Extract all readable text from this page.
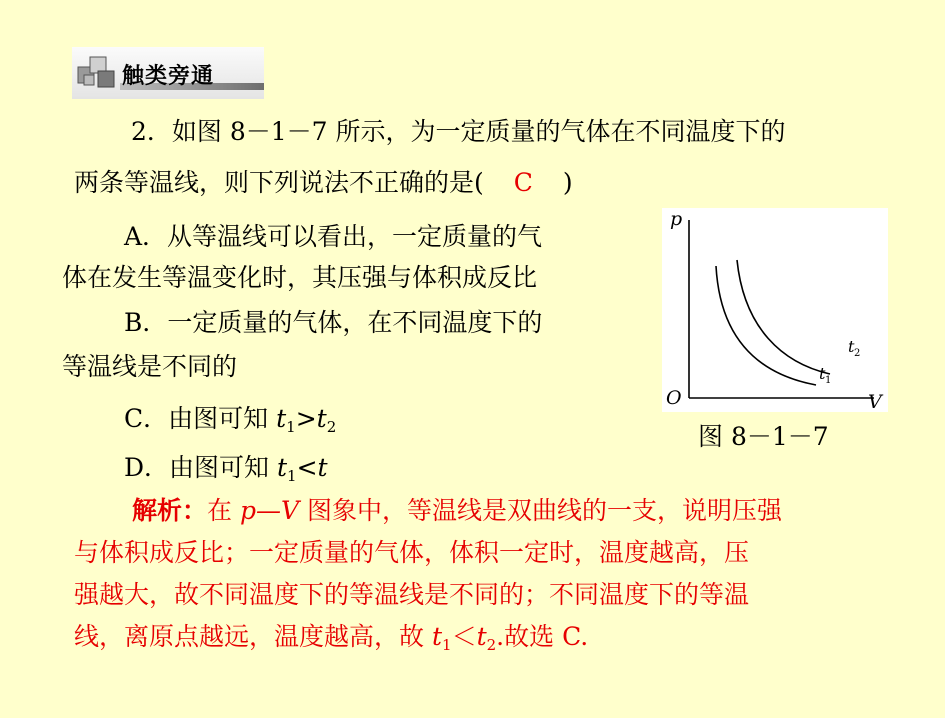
触类旁通
2．如图 8－1－7 所示，为一定质量的气体在不同温度下的
两条等温线，则下列说法不正确的是( C )
A．从等温线可以看出，一定质量的气
体在发生等温变化时，其压强与体积成反比
B．一定质量的气体，在不同温度下的
等温线是不同的
C．由图可知 $t_1>t_2$
D．由图可知 $t_1<t$
p
V
O
t 2
t 1
图 8－1－7
解析：在 p—V 图象中，等温线是双曲线的一支，说明压强
与体积成反比；一定质量的气体，体积一定时，温度越高，压
强越大，故不同温度下的等温线是不同的；不同温度下的等温
线，离原点越远，温度越高，故 $t_1<t_2$.故选 C.
